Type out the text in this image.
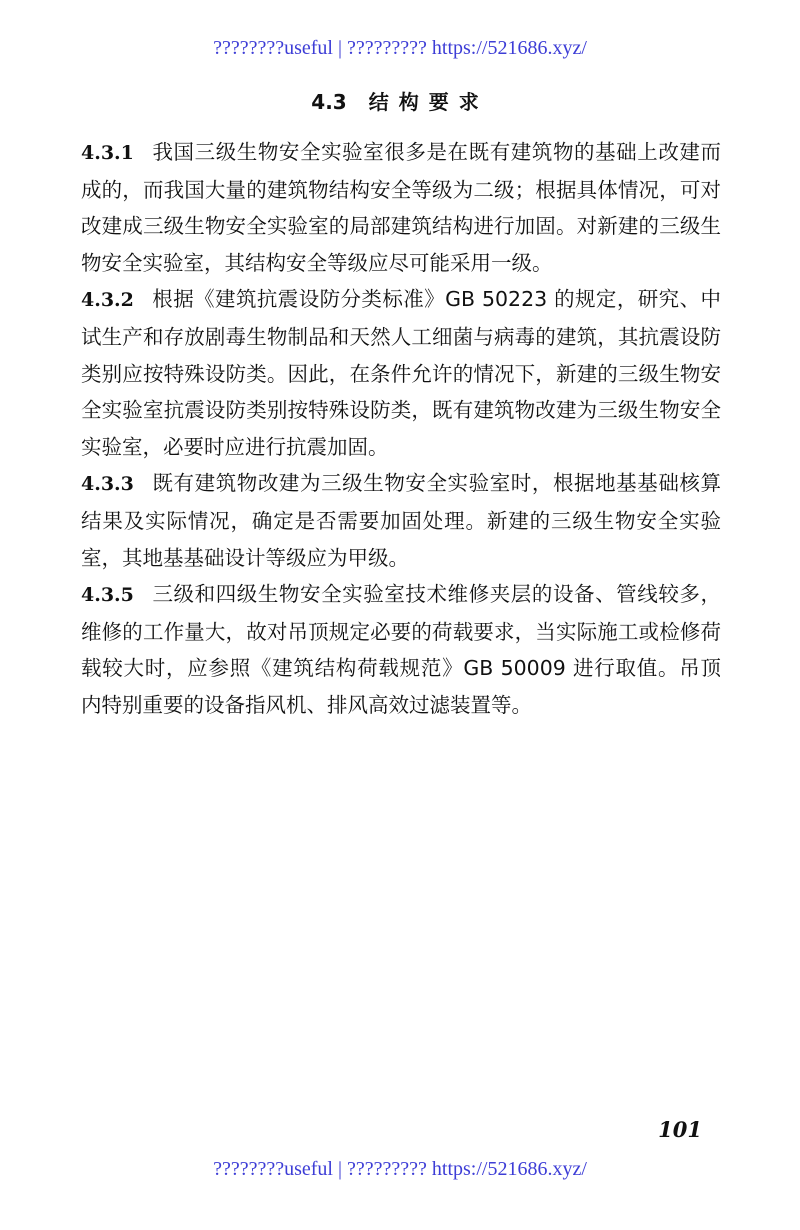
????????useful | ????????? https://521686.xyz/
4.3 结构要求

4.3.1 我国三级生物安全实验室很多是在既有建筑物的基础上改建而成的，而我国大量的建筑物结构安全等级为二级；根据具体情况，可对改建成三级生物安全实验室的局部建筑结构进行加固。对新建的三级生物安全实验室，其结构安全等级应尽可能采用一级。

4.3.2 根据《建筑抗震设防分类标准》GB 50223 的规定，研究、中试生产和存放剧毒生物制品和天然人工细菌与病毒的建筑，其抗震设防类别应按特殊设防类。因此，在条件允许的情况下，新建的三级生物安全实验室抗震设防类别按特殊设防类，既有建筑物改建为三级生物安全实验室，必要时应进行抗震加固。

4.3.3 既有建筑物改建为三级生物安全实验室时，根据地基基础核算结果及实际情况，确定是否需要加固处理。新建的三级生物安全实验室，其地基基础设计等级应为甲级。

4.3.5 三级和四级生物安全实验室技术维修夹层的设备、管线较多，维修的工作量大，故对吊顶规定必要的荷载要求，当实际施工或检修荷载较大时，应参照《建筑结构荷载规范》GB 50009 进行取值。吊顶内特别重要的设备指风机、排风高效过滤装置等。

101
????????useful | ????????? https://521686.xyz/
